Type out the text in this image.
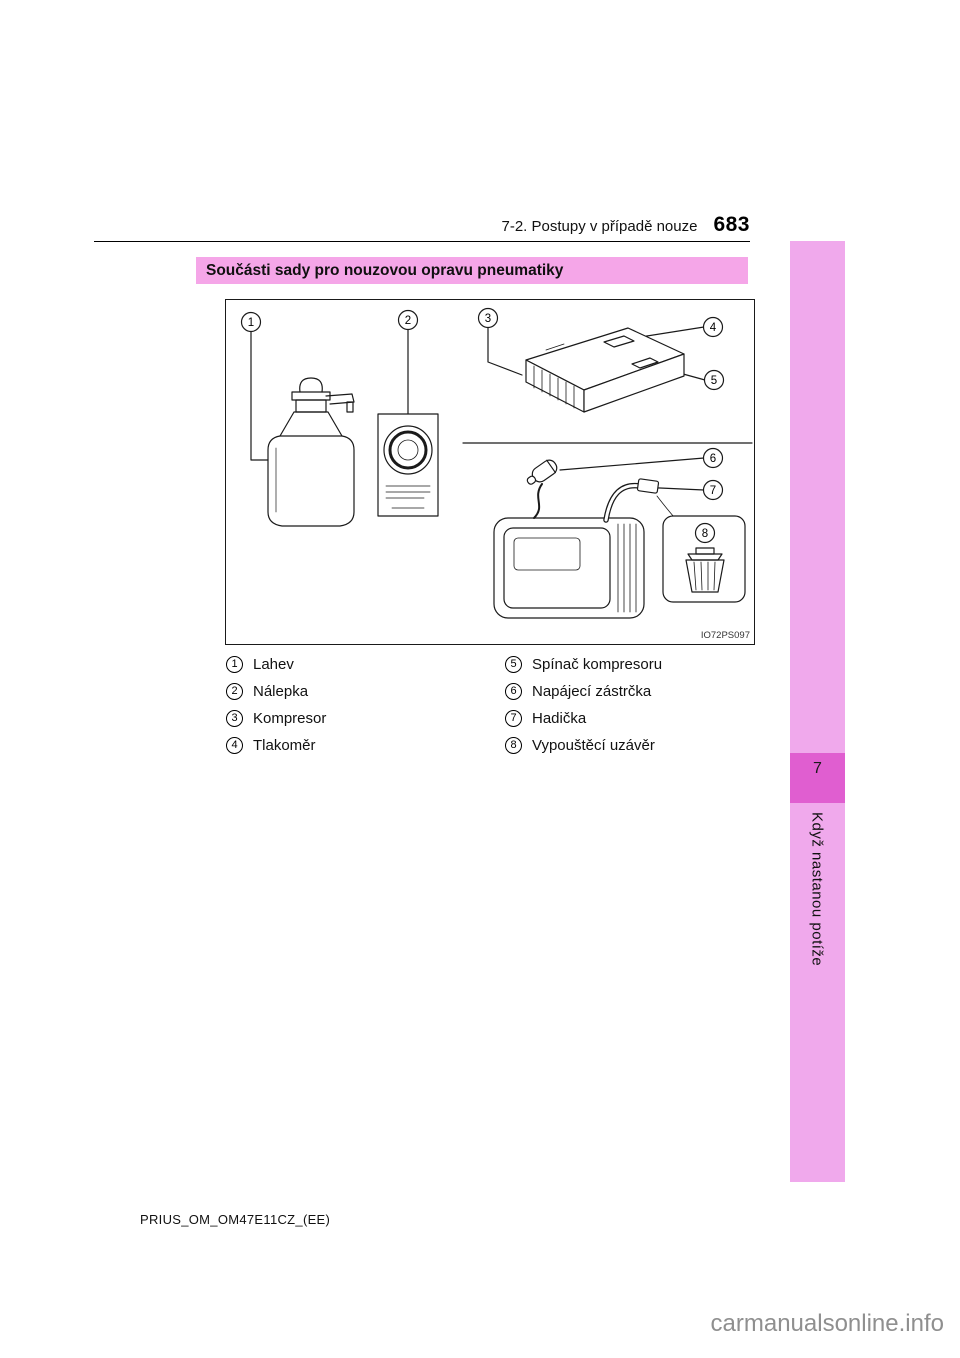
7-2. Postupy v případě nouze 683
Součásti sady pro nouzovou opravu pneumatiky
1	2	3
4
5
6
7
8
IO72PS097
1	Lahev
2	Nálepka
3	Kompresor
4	Tlakoměr
5	Spínač kompresoru
6	Napájecí zástrčka
7	Hadička
8	Vypouštěcí uzávěr
7
Když nastanou potíže
PRIUS_OM_OM47E11CZ_(EE)
carmanualsonline.info
